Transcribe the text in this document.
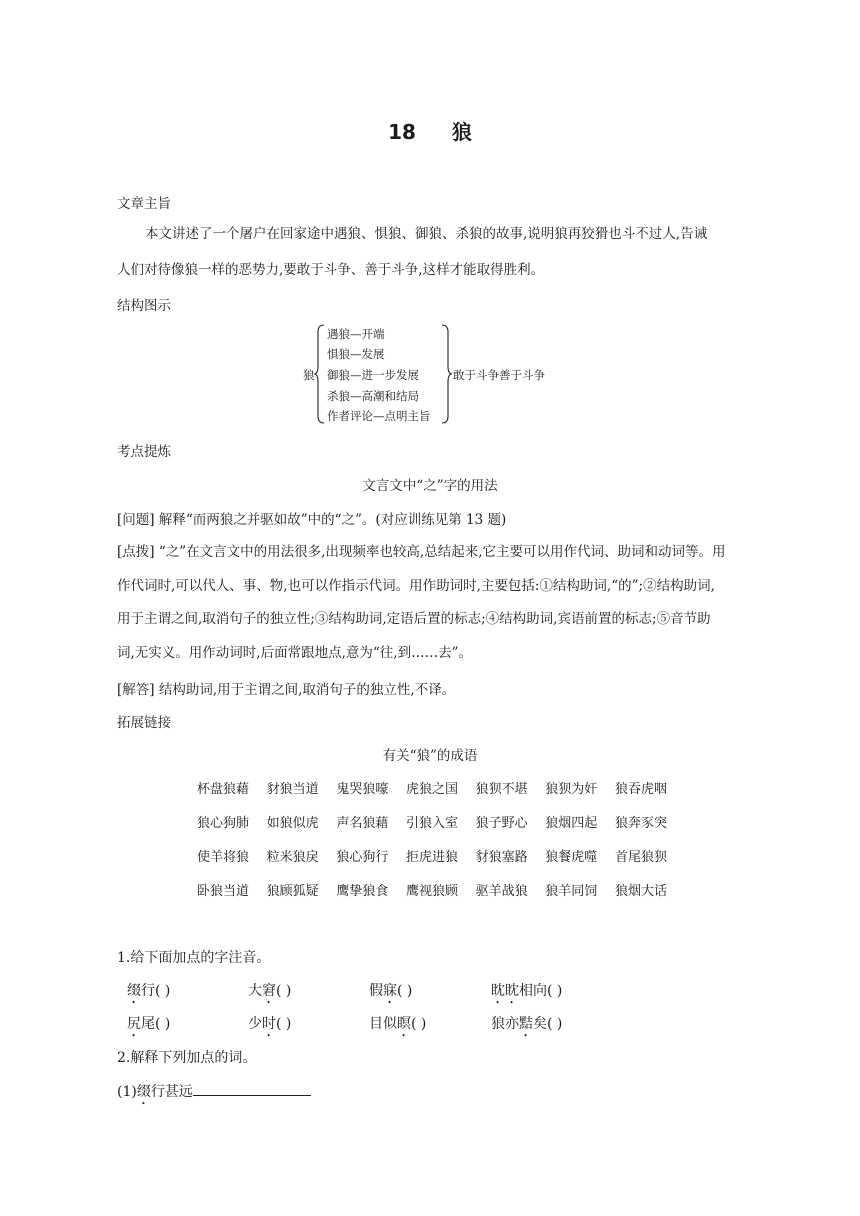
18 狼
文章主旨
本文讲述了一个屠户在回家途中遇狼、惧狼、御狼、杀狼的故事,说明狼再狡猾也斗不过人,告诫
人们对待像狼一样的恶势力,要敢于斗争、善于斗争,这样才能取得胜利。
结构图示
狼
遇狼—开端
惧狼—发展
御狼—进一步发展
杀狼—高潮和结局
作者评论—点明主旨
敢于斗争善于斗争
考点提炼
文言文中“之”字的用法
[问题] 解释“而两狼之并驱如故”中的“之”。(对应训练见第 13 题)
[点拨] “之”在文言文中的用法很多,出现频率也较高,总结起来,它主要可以用作代词、助词和动词等。用
作代词时,可以代人、事、物,也可以作指示代词。用作助词时,主要包括:①结构助词,“的”;②结构助词,
用于主谓之间,取消句子的独立性;③结构助词,定语后置的标志;④结构助词,宾语前置的标志;⑤音节助
词,无实义。用作动词时,后面常跟地点,意为“往,到……去”。
[解答] 结构助词,用于主谓之间,取消句子的独立性,不译。
拓展链接
有关“狼”的成语
杯盘狼藉 豺狼当道 鬼哭狼嚎 虎狼之国 狼狈不堪 狼狈为奸 狼吞虎咽
狼心狗肺 如狼似虎 声名狼藉 引狼入室 狼子野心 狼烟四起 狼奔豕突
使羊将狼 粒米狼戾 狼心狗行 拒虎进狼 豺狼塞路 狼餐虎噬 首尾狼狈
卧狼当道 狼顾狐疑 鹰挚狼食 鹰视狼顾 驱羊战狼 狼羊同饲 狼烟大话
1.给下面加点的字注音。
缀行( )	大窘( )	假寐( )	眈眈相向( )
尻尾( )	少时( )	目似瞑( )	狼亦黠矣( )
2.解释下列加点的词。
(1)缀行甚远
